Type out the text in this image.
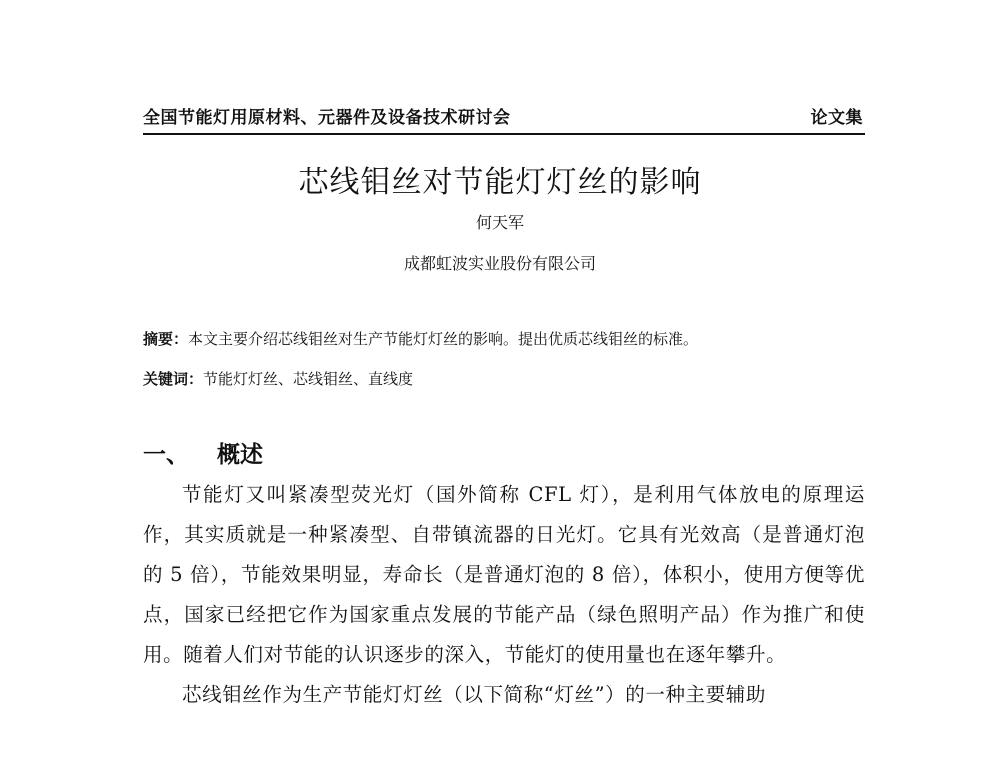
全国节能灯用原材料、元器件及设备技术研讨会	论文集
芯线钼丝对节能灯灯丝的影响
何天军
成都虹波实业股份有限公司
摘要：本文主要介绍芯线钼丝对生产节能灯灯丝的影响。提出优质芯线钼丝的标准。
关键词：节能灯灯丝、芯线钼丝、直线度
一、 概述

节能灯又叫紧凑型荧光灯（国外简称 CFL 灯），是利用气体放电的原理运作，其实质就是一种紧凑型、自带镇流器的日光灯。它具有光效高（是普通灯泡的 5 倍），节能效果明显，寿命长（是普通灯泡的 8 倍），体积小，使用方便等优点，国家已经把它作为国家重点发展的节能产品（绿色照明产品）作为推广和使用。随着人们对节能的认识逐步的深入，节能灯的使用量也在逐年攀升。

芯线钼丝作为生产节能灯灯丝（以下简称“灯丝”）的一种主要辅助
